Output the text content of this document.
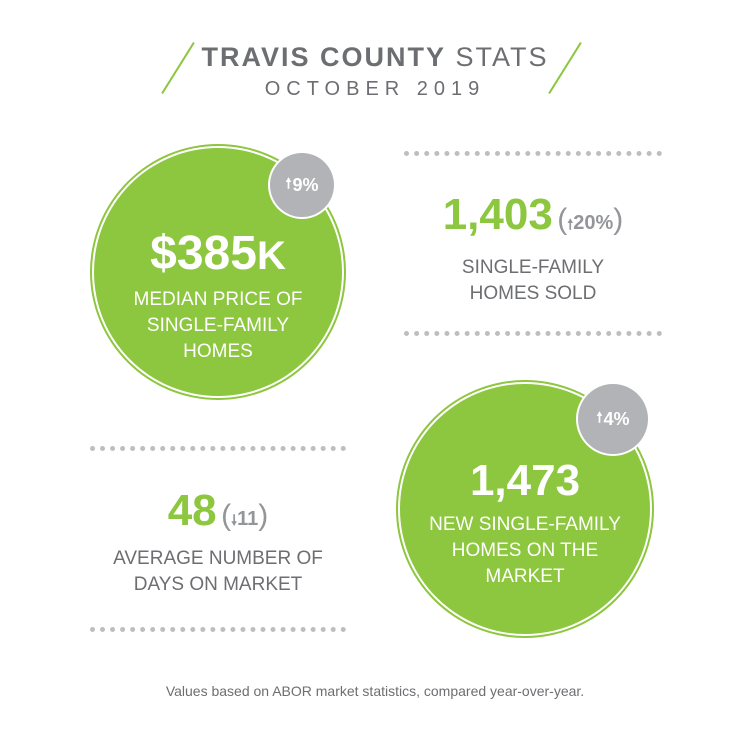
TRAVIS COUNTY STATS
OCTOBER 2019
$385K
MEDIAN PRICE OF
SINGLE-FAMILY
HOMES
🠕 9%
1,403 (🠕20%)
SINGLE-FAMILY
HOMES SOLD
48 (🠗11)
AVERAGE NUMBER OF
DAYS ON MARKET
1,473
NEW SINGLE-FAMILY
HOMES ON THE
MARKET
🠕 4%
Values based on ABOR market statistics, compared year-over-year.
